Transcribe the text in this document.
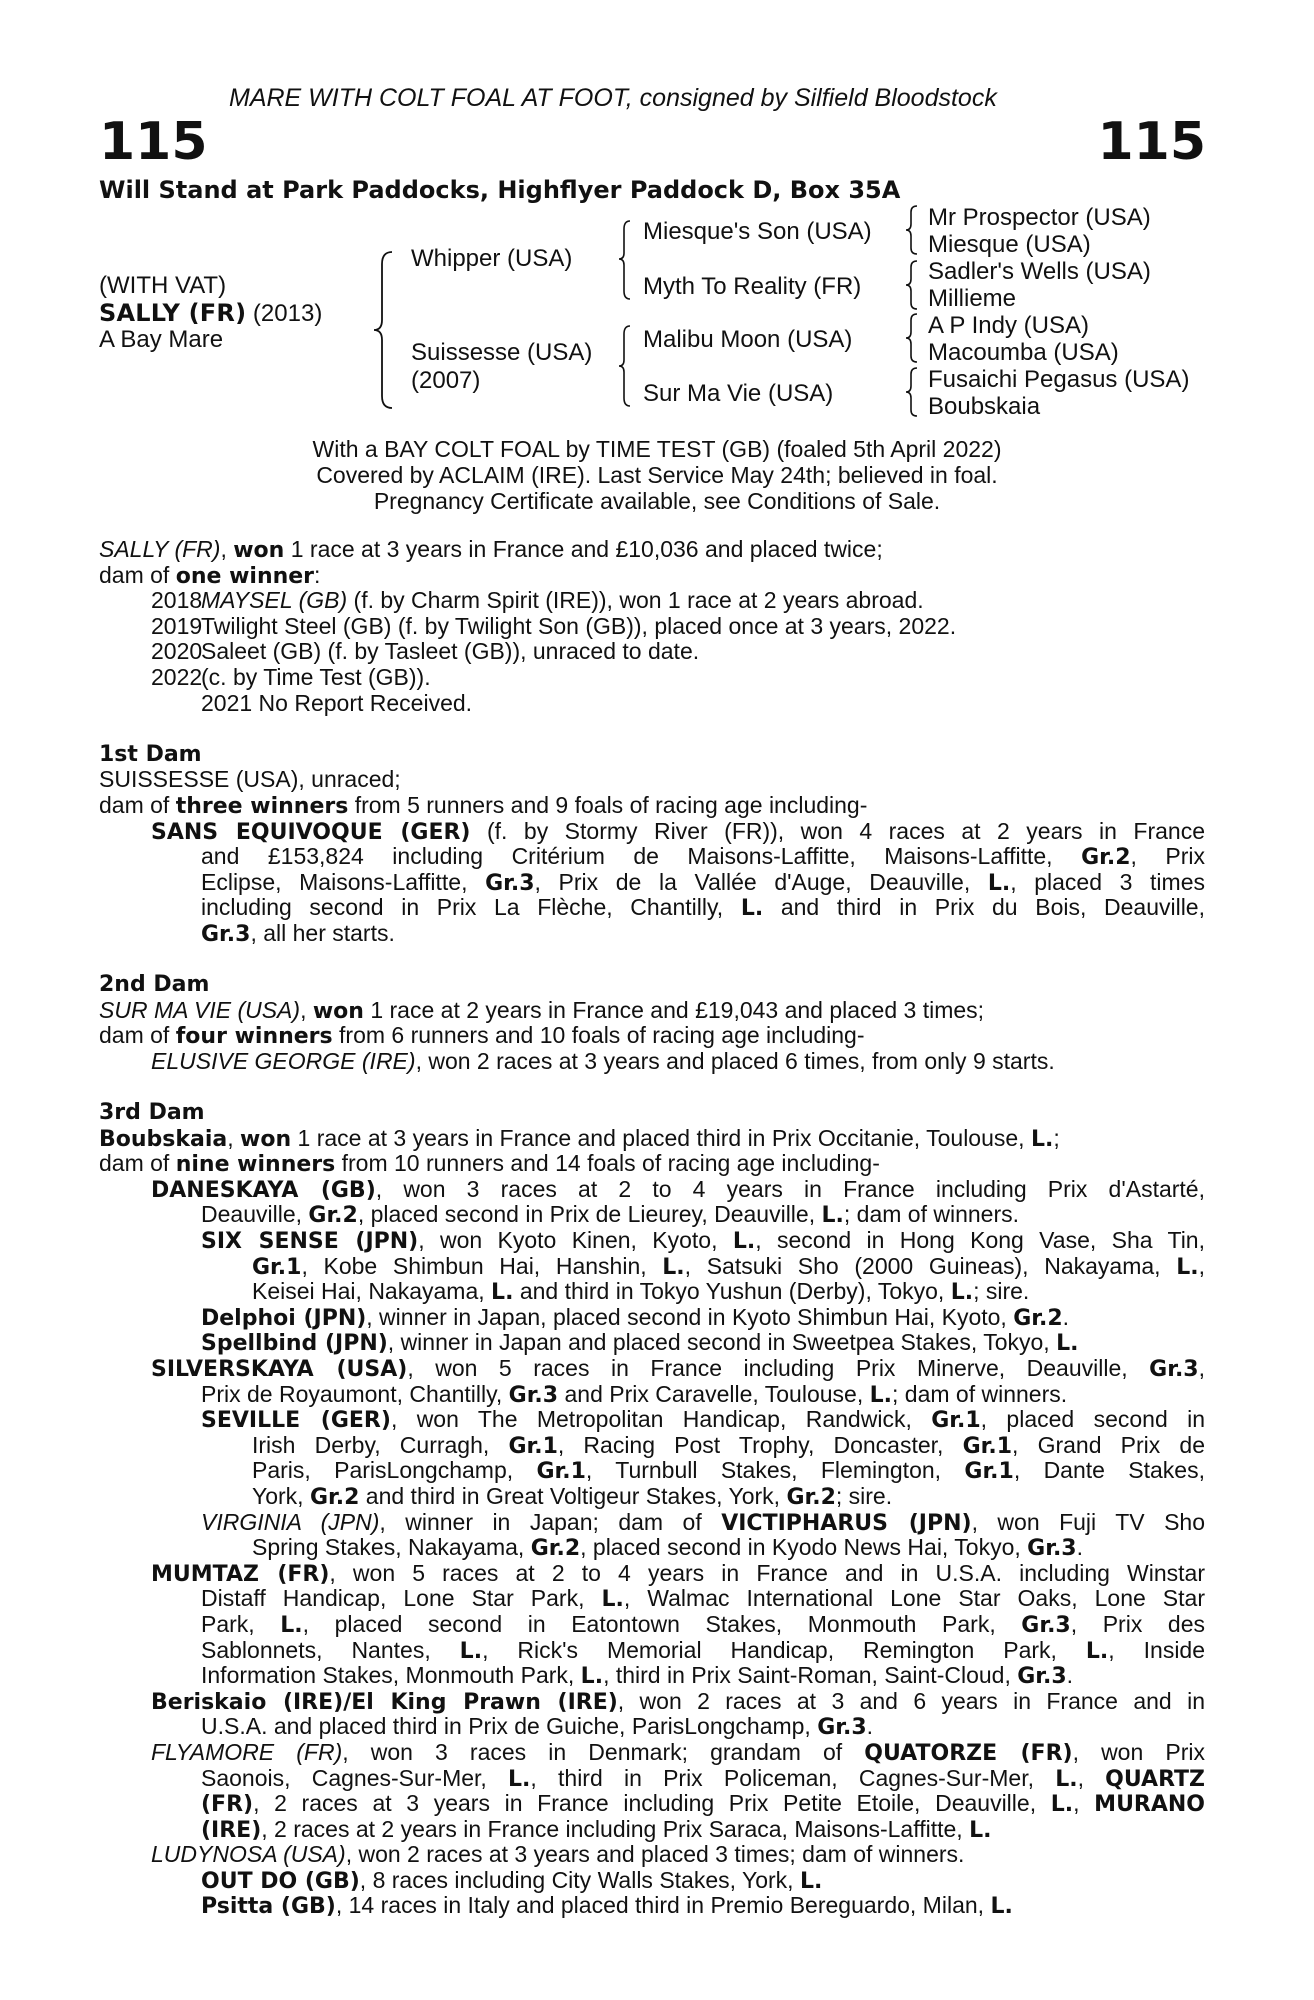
MARE WITH COLT FOAL AT FOOT, consigned by Silfield Bloodstock
115	115
Will Stand at Park Paddocks, Highflyer Paddock D, Box 35A
(WITH VAT)
SALLY (FR) (2013)
A Bay Mare
Whipper (USA)
Suissesse (USA)
(2007)
Miesque's Son (USA)
Myth To Reality (FR)
Malibu Moon (USA)
Sur Ma Vie (USA)
Mr Prospector (USA)
Miesque (USA)
Sadler's Wells (USA)
Millieme
A P Indy (USA)
Macoumba (USA)
Fusaichi Pegasus (USA)
Boubskaia
With a BAY COLT FOAL by TIME TEST (GB) (foaled 5th April 2022)
Covered by ACLAIM (IRE). Last Service May 24th; believed in foal.
Pregnancy Certificate available, see Conditions of Sale.
SALLY (FR), won 1 race at 3 years in France and £10,036 and placed twice;
dam of one winner:
2018MAYSEL (GB) (f. by Charm Spirit (IRE)), won 1 race at 2 years abroad.
2019Twilight Steel (GB) (f. by Twilight Son (GB)), placed once at 3 years, 2022.
2020Saleet (GB) (f. by Tasleet (GB)), unraced to date.
2022(c. by Time Test (GB)).
2021 No Report Received.
1st Dam
SUISSESSE (USA), unraced;
dam of three winners from 5 runners and 9 foals of racing age including-
SANS EQUIVOQUE (GER) (f. by Stormy River (FR)), won 4 races at 2 years in France
and £153,824 including Critérium de Maisons-Laffitte, Maisons-Laffitte, Gr.2, Prix
Eclipse, Maisons-Laffitte, Gr.3, Prix de la Vallée d'Auge, Deauville, L., placed 3 times
including second in Prix La Flèche, Chantilly, L. and third in Prix du Bois, Deauville,
Gr.3, all her starts.
2nd Dam
SUR MA VIE (USA), won 1 race at 2 years in France and £19,043 and placed 3 times;
dam of four winners from 6 runners and 10 foals of racing age including-
ELUSIVE GEORGE (IRE), won 2 races at 3 years and placed 6 times, from only 9 starts.
3rd Dam
Boubskaia, won 1 race at 3 years in France and placed third in Prix Occitanie, Toulouse, L.;
dam of nine winners from 10 runners and 14 foals of racing age including-
DANESKAYA (GB), won 3 races at 2 to 4 years in France including Prix d'Astarté,
Deauville, Gr.2, placed second in Prix de Lieurey, Deauville, L.; dam of winners.
SIX SENSE (JPN), won Kyoto Kinen, Kyoto, L., second in Hong Kong Vase, Sha Tin,
Gr.1, Kobe Shimbun Hai, Hanshin, L., Satsuki Sho (2000 Guineas), Nakayama, L.,
Keisei Hai, Nakayama, L. and third in Tokyo Yushun (Derby), Tokyo, L.; sire.
Delphoi (JPN), winner in Japan, placed second in Kyoto Shimbun Hai, Kyoto, Gr.2.
Spellbind (JPN), winner in Japan and placed second in Sweetpea Stakes, Tokyo, L.
SILVERSKAYA (USA), won 5 races in France including Prix Minerve, Deauville, Gr.3,
Prix de Royaumont, Chantilly, Gr.3 and Prix Caravelle, Toulouse, L.; dam of winners.
SEVILLE (GER), won The Metropolitan Handicap, Randwick, Gr.1, placed second in
Irish Derby, Curragh, Gr.1, Racing Post Trophy, Doncaster, Gr.1, Grand Prix de
Paris, ParisLongchamp, Gr.1, Turnbull Stakes, Flemington, Gr.1, Dante Stakes,
York, Gr.2 and third in Great Voltigeur Stakes, York, Gr.2; sire.
VIRGINIA (JPN), winner in Japan; dam of VICTIPHARUS (JPN), won Fuji TV Sho
Spring Stakes, Nakayama, Gr.2, placed second in Kyodo News Hai, Tokyo, Gr.3.
MUMTAZ (FR), won 5 races at 2 to 4 years in France and in U.S.A. including Winstar
Distaff Handicap, Lone Star Park, L., Walmac International Lone Star Oaks, Lone Star
Park, L., placed second in Eatontown Stakes, Monmouth Park, Gr.3, Prix des
Sablonnets, Nantes, L., Rick's Memorial Handicap, Remington Park, L., Inside
Information Stakes, Monmouth Park, L., third in Prix Saint-Roman, Saint-Cloud, Gr.3.
Beriskaio (IRE)/El King Prawn (IRE), won 2 races at 3 and 6 years in France and in
U.S.A. and placed third in Prix de Guiche, ParisLongchamp, Gr.3.
FLYAMORE (FR), won 3 races in Denmark; grandam of QUATORZE (FR), won Prix
Saonois, Cagnes-Sur-Mer, L., third in Prix Policeman, Cagnes-Sur-Mer, L., QUARTZ
(FR), 2 races at 3 years in France including Prix Petite Etoile, Deauville, L., MURANO
(IRE), 2 races at 2 years in France including Prix Saraca, Maisons-Laffitte, L.
LUDYNOSA (USA), won 2 races at 3 years and placed 3 times; dam of winners.
OUT DO (GB), 8 races including City Walls Stakes, York, L.
Psitta (GB), 14 races in Italy and placed third in Premio Bereguardo, Milan, L.
